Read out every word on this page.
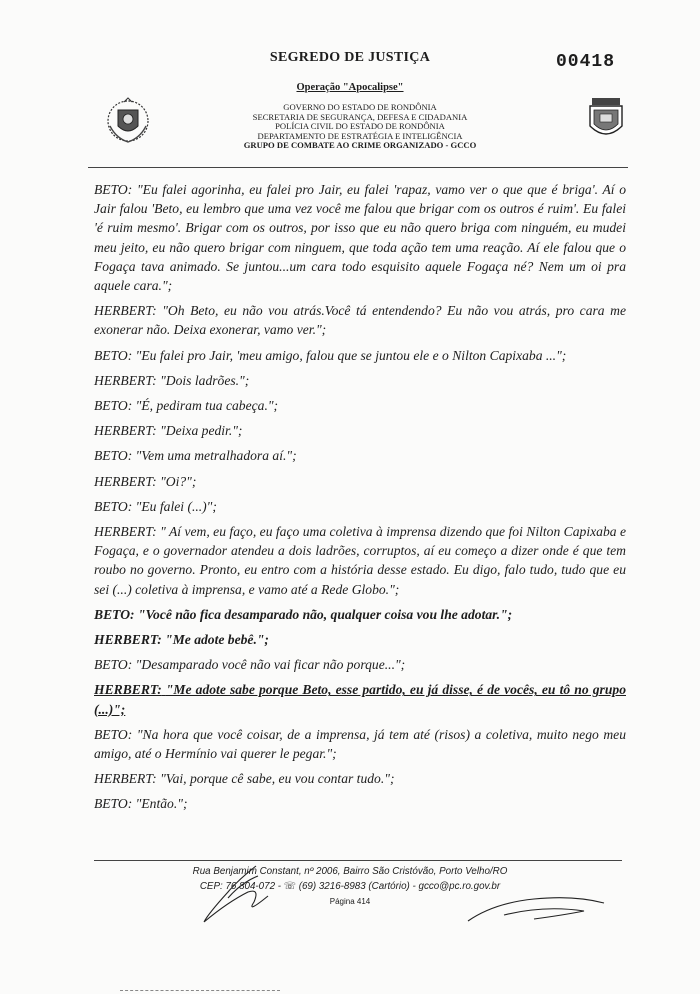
SEGREDO DE JUSTIÇA	00418
Operação "Apocalipse"
GOVERNO DO ESTADO DE RONDÔNIA
SECRETARIA DE SEGURANÇA, DEFESA E CIDADANIA
POLÍCIA CIVIL DO ESTADO DE RONDÔNIA
DEPARTAMENTO DE ESTRATÉGIA E INTELIGÊNCIA
GRUPO DE COMBATE AO CRIME ORGANIZADO - GCCO

BETO: "Eu falei agorinha, eu falei pro Jair, eu falei 'rapaz, vamo ver o que que é briga'. Aí o Jair falou 'Beto, eu lembro que uma vez você me falou que brigar com os outros é ruim'. Eu falei 'é ruim mesmo'. Brigar com os outros, por isso que eu não quero briga com ninguém, eu mudei meu jeito, eu não quero brigar com ninguem, que toda ação tem uma reação. Aí ele falou que o Fogaça tava animado. Se juntou...um cara todo esquisito aquele Fogaça né? Nem um oi pra aquele cara.";

HERBERT: "Oh Beto, eu não vou atrás.Você tá entendendo? Eu não vou atrás, pro cara me exonerar não. Deixa exonerar, vamo ver.";

BETO: "Eu falei pro Jair, 'meu amigo, falou que se juntou ele e o Nilton Capixaba ...";

HERBERT: "Dois ladrões.";

BETO: "É, pediram tua cabeça.";

HERBERT: "Deixa pedir.";

BETO: "Vem uma metralhadora aí.";

HERBERT: "Oi?";

BETO: "Eu falei (...)";

HERBERT: " Aí vem, eu faço, eu faço uma coletiva à imprensa dizendo que foi Nilton Capixaba e Fogaça, e o governador atendeu a dois ladrões, corruptos, aí eu começo a dizer onde é que tem roubo no governo. Pronto, eu entro com a história desse estado. Eu digo, falo tudo, tudo que eu sei (...) coletiva à imprensa, e vamo até a Rede Globo.";

BETO: "Você não fica desamparado não, qualquer coisa vou lhe adotar.";

HERBERT: "Me adote bebê.";

BETO: "Desamparado você não vai ficar não porque...";

HERBERT: "Me adote sabe porque Beto, esse partido, eu já disse, é de vocês, eu tô no grupo (...)";

BETO: "Na hora que você coisar, de a imprensa, já tem até (risos) a coletiva, muito nego meu amigo, até o Hermínio vai querer le pegar.";

HERBERT: "Vai, porque cê sabe, eu vou contar tudo.";

BETO: "Então.";

Rua Benjamim Constant, nº 2006, Bairro São Cristóvão, Porto Velho/RO
CEP: 76.804-072 - ☏ (69) 3216-8983 (Cartório) - gcco@pc.ro.gov.br
Página 414
